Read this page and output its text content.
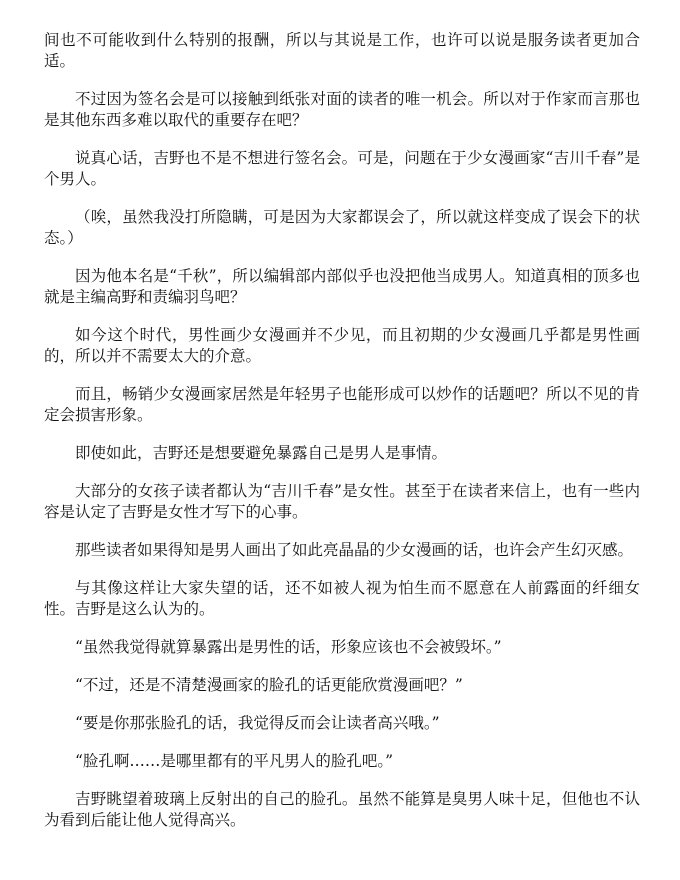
间也不可能收到什么特别的报酬，所以与其说是工作，也许可以说是服务读者更加合适。

不过因为签名会是可以接触到纸张对面的读者的唯一机会。所以对于作家而言那也是其他东西多难以取代的重要存在吧？

说真心话，吉野也不是不想进行签名会。可是，问题在于少女漫画家“吉川千春”是个男人。

（唉，虽然我没打所隐瞒，可是因为大家都误会了，所以就这样变成了误会下的状态。）

因为他本名是“千秋”，所以编辑部内部似乎也没把他当成男人。知道真相的顶多也就是主编高野和责编羽鸟吧？

如今这个时代，男性画少女漫画并不少见，而且初期的少女漫画几乎都是男性画的，所以并不需要太大的介意。

而且，畅销少女漫画家居然是年轻男子也能形成可以炒作的话题吧？所以不见的肯定会损害形象。

即使如此，吉野还是想要避免暴露自己是男人是事情。

大部分的女孩子读者都认为“吉川千春”是女性。甚至于在读者来信上，也有一些内容是认定了吉野是女性才写下的心事。

那些读者如果得知是男人画出了如此亮晶晶的少女漫画的话，也许会产生幻灭感。

与其像这样让大家失望的话，还不如被人视为怕生而不愿意在人前露面的纤细女性。吉野是这么认为的。

“虽然我觉得就算暴露出是男性的话，形象应该也不会被毁坏。”

“不过，还是不清楚漫画家的脸孔的话更能欣赏漫画吧？”

“要是你那张脸孔的话，我觉得反而会让读者高兴哦。”

“脸孔啊……是哪里都有的平凡男人的脸孔吧。”

吉野眺望着玻璃上反射出的自己的脸孔。虽然不能算是臭男人味十足，但他也不认为看到后能让他人觉得高兴。
